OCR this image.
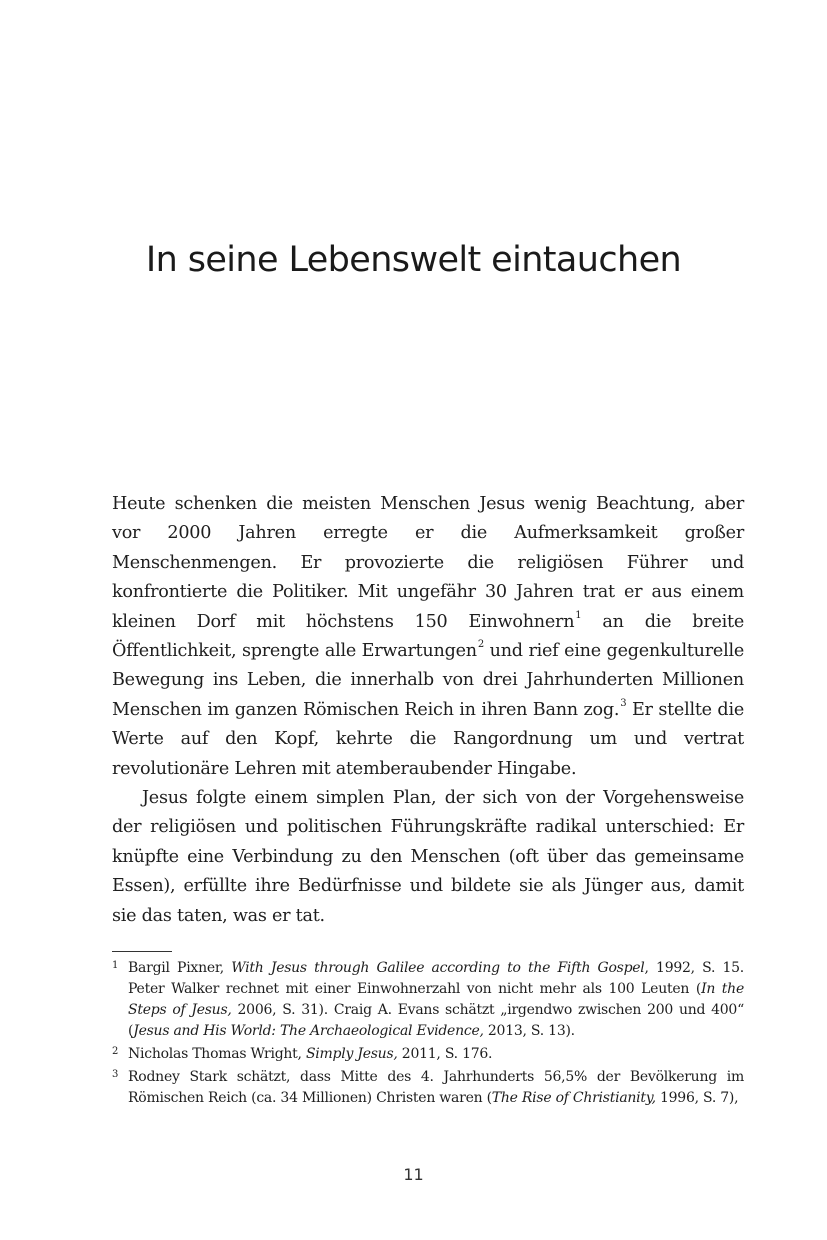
In seine Lebenswelt eintauchen

Heute schenken die meisten Menschen Jesus wenig Beachtung, aber vor 2000 Jahren erregte er die Aufmerksamkeit großer Menschenmengen. Er provozierte die religiösen Führer und konfrontierte die Politiker. Mit ungefähr 30 Jahren trat er aus einem kleinen Dorf mit höchstens 150 Einwohnern$^1$ an die breite Öffentlichkeit, sprengte alle Erwartungen$^2$ und rief eine gegenkulturelle Bewegung ins Leben, die innerhalb von drei Jahrhunderten Millionen Menschen im ganzen Römischen Reich in ihren Bann zog.$^3$ Er stellte die Werte auf den Kopf, kehrte die Rangordnung um und vertrat revolutionäre Lehren mit atemberaubender Hingabe.

Jesus folgte einem simplen Plan, der sich von der Vorgehensweise der religiösen und politischen Führungskräfte radikal unterschied: Er knüpfte eine Verbindung zu den Menschen (oft über das gemeinsame Essen), erfüllte ihre Bedürfnisse und bildete sie als Jünger aus, damit sie das taten, was er tat.

1 Bargil Pixner, With Jesus through Galilee according to the Fifth Gospel, 1992, S. 15. Peter Walker rechnet mit einer Einwohnerzahl von nicht mehr als 100 Leuten (In the Steps of Jesus, 2006, S. 31). Craig A. Evans schätzt „irgendwo zwischen 200 und 400“ (Jesus and His World: The Archaeological Evidence, 2013, S. 13).
2 Nicholas Thomas Wright, Simply Jesus, 2011, S. 176.
3 Rodney Stark schätzt, dass Mitte des 4. Jahrhunderts 56,5% der Bevölkerung im Römischen Reich (ca. 34 Millionen) Christen waren (The Rise of Christianity, 1996, S. 7),
11
